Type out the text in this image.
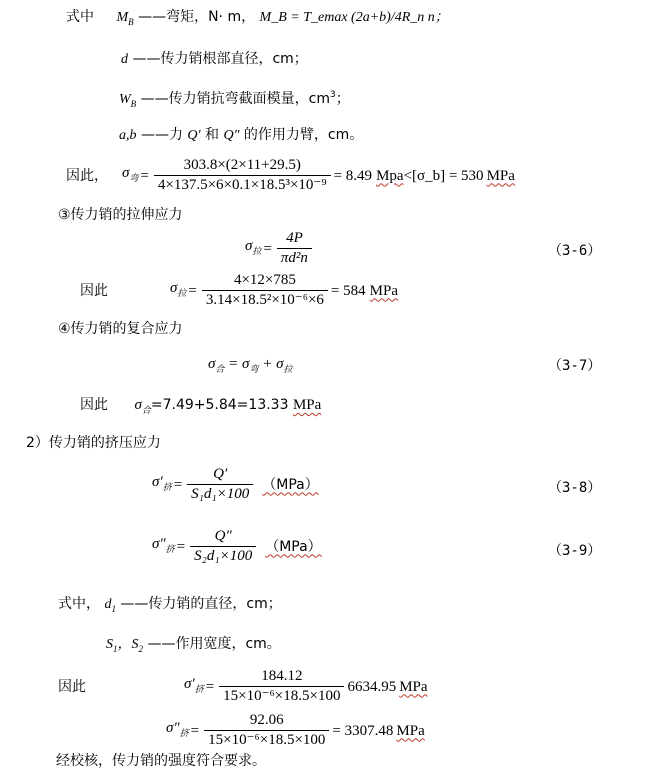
式中 $M_B$ ——弯矩，N· m， M_B = T_emax (2a+b)/4R_n n；
d ——传力销根部直径，cm；
$W_B$ ——传力销抗弯截面模量，$cm^3$；
a,b ——力 Q′ 和 Q″ 的作用力臂，cm。
因此， $\sigma_弯 = \frac{303.8\times(2\times 11+29.5)}{\text{4×137.5×6×0.1×18.5³×10⁻⁹}} = 8.49$ Mpa <[σ_b] = 530 MPa
③传力销的拉伸应力
$\sigma_拉 = \frac{4P}{\text{πd²n}}$	（3-6）
因此	$\sigma_拉 = \frac{4\times 12\times 785}{\text{3.14×18.5²×10⁻⁶×6}} = 584$ MPa
④传力销的复合应力
$\sigma_合 = \sigma_弯 + \sigma_拉$	（3-7）
因此 $\sigma_合=7.49+5.84=13.33$ MPa
2）传力销的挤压应力
$\sigma'_挤 = \frac{Q'}{\text{S₁d₁×100}} (MPa)$	（3-8）
$\sigma''_挤 = \frac{Q''}{\text{S₂d₁×100}} (MPa)$	（3-9）
式中， $d_1$ ——传力销的直径，cm；
$S_1$，$S_2$ ——作用宽度，cm。
因此	$\sigma'_挤 = \frac{184.12}{\text{15×10⁻⁶×18.5×100}} 6634.95$ MPa
$\sigma''_挤 = \frac{92.06}{\text{15×10⁻⁶×18.5×100}} = 3307.48$ MPa
经校核，传力销的强度符合要求。
